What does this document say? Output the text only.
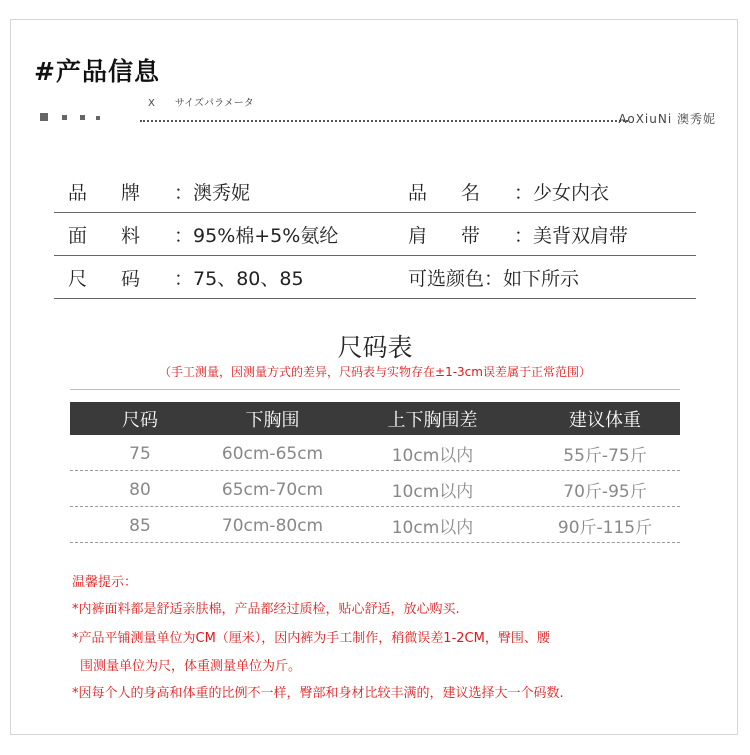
#产品信息
X　　サイズパラメータ
AoXiuNi 澳秀妮
品牌：澳秀妮	品名：少女内衣
面料：95%棉+5%氨纶	肩带：美背双肩带
尺码：75、80、85	可选颜色：如下所示
尺码表
（手工测量，因测量方式的差异，尺码表与实物存在±1-3cm误差属于正常范围）
尺码	下胸围	上下胸围差	建议体重
75	60cm-65cm	10cm以内	55斤-75斤
80	65cm-70cm	10cm以内	70斤-95斤
85	70cm-80cm	10cm以内	90斤-115斤
温馨提示：
*内裤面料都是舒适亲肤棉，产品都经过质检，贴心舒适，放心购买.
*产品平铺测量单位为CM（厘米），因内裤为手工制作，稍微误差1-2CM，臀围、腰
围测量单位为尺，体重测量单位为斤。
*因每个人的身高和体重的比例不一样，臀部和身材比较丰满的，建议选择大一个码数.
